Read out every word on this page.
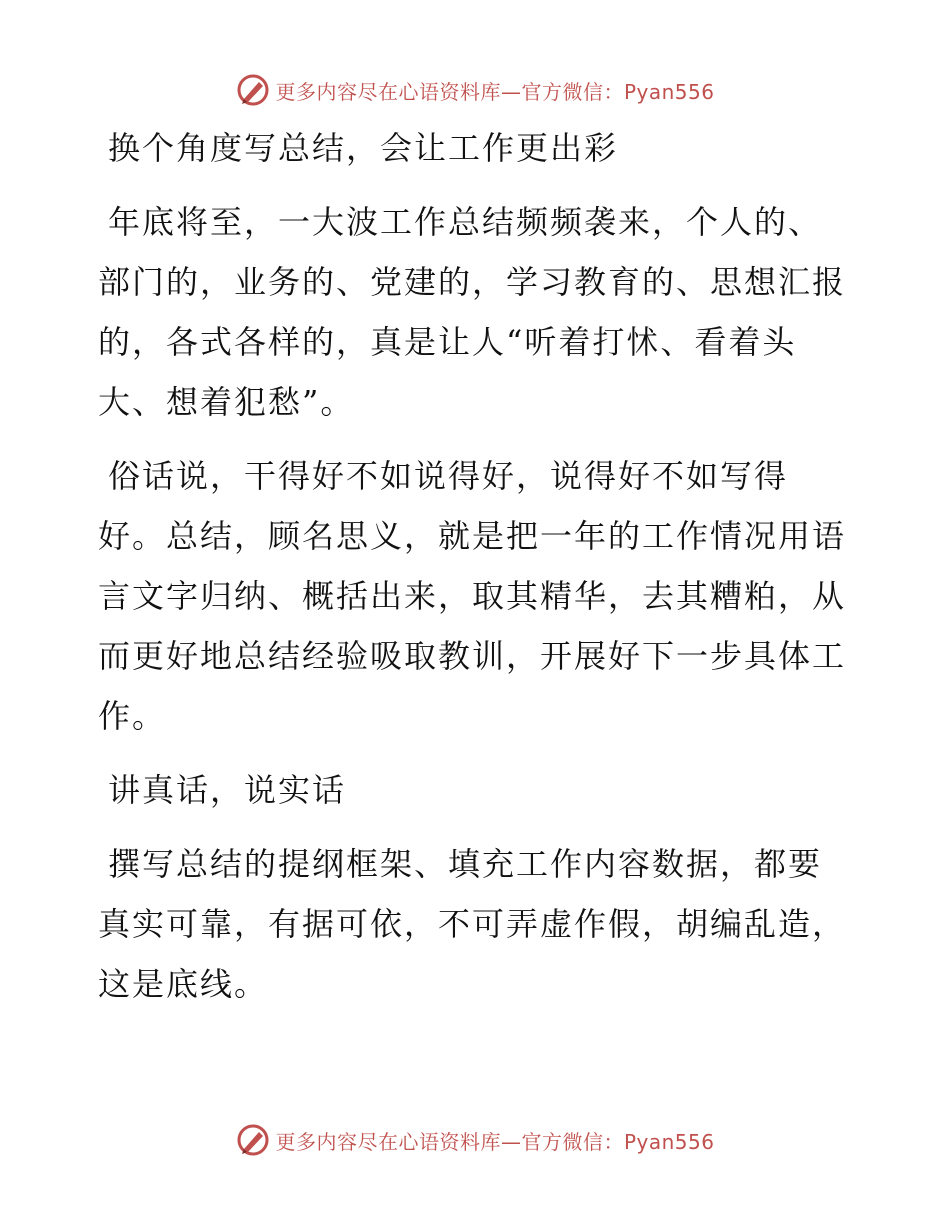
更多内容尽在心语资料库—官方微信：Pyan556

换个角度写总结，会让工作更出彩

年底将至，一大波工作总结频频袭来，个人的、部门的，业务的、党建的，学习教育的、思想汇报的，各式各样的，真是让人“听着打怵、看着头大、想着犯愁”。

俗话说，干得好不如说得好，说得好不如写得好。总结，顾名思义，就是把一年的工作情况用语言文字归纳、概括出来，取其精华，去其糟粕，从而更好地总结经验吸取教训，开展好下一步具体工作。

讲真话，说实话

撰写总结的提纲框架、填充工作内容数据，都要真实可靠，有据可依，不可弄虚作假，胡编乱造，这是底线。

更多内容尽在心语资料库—官方微信：Pyan556
